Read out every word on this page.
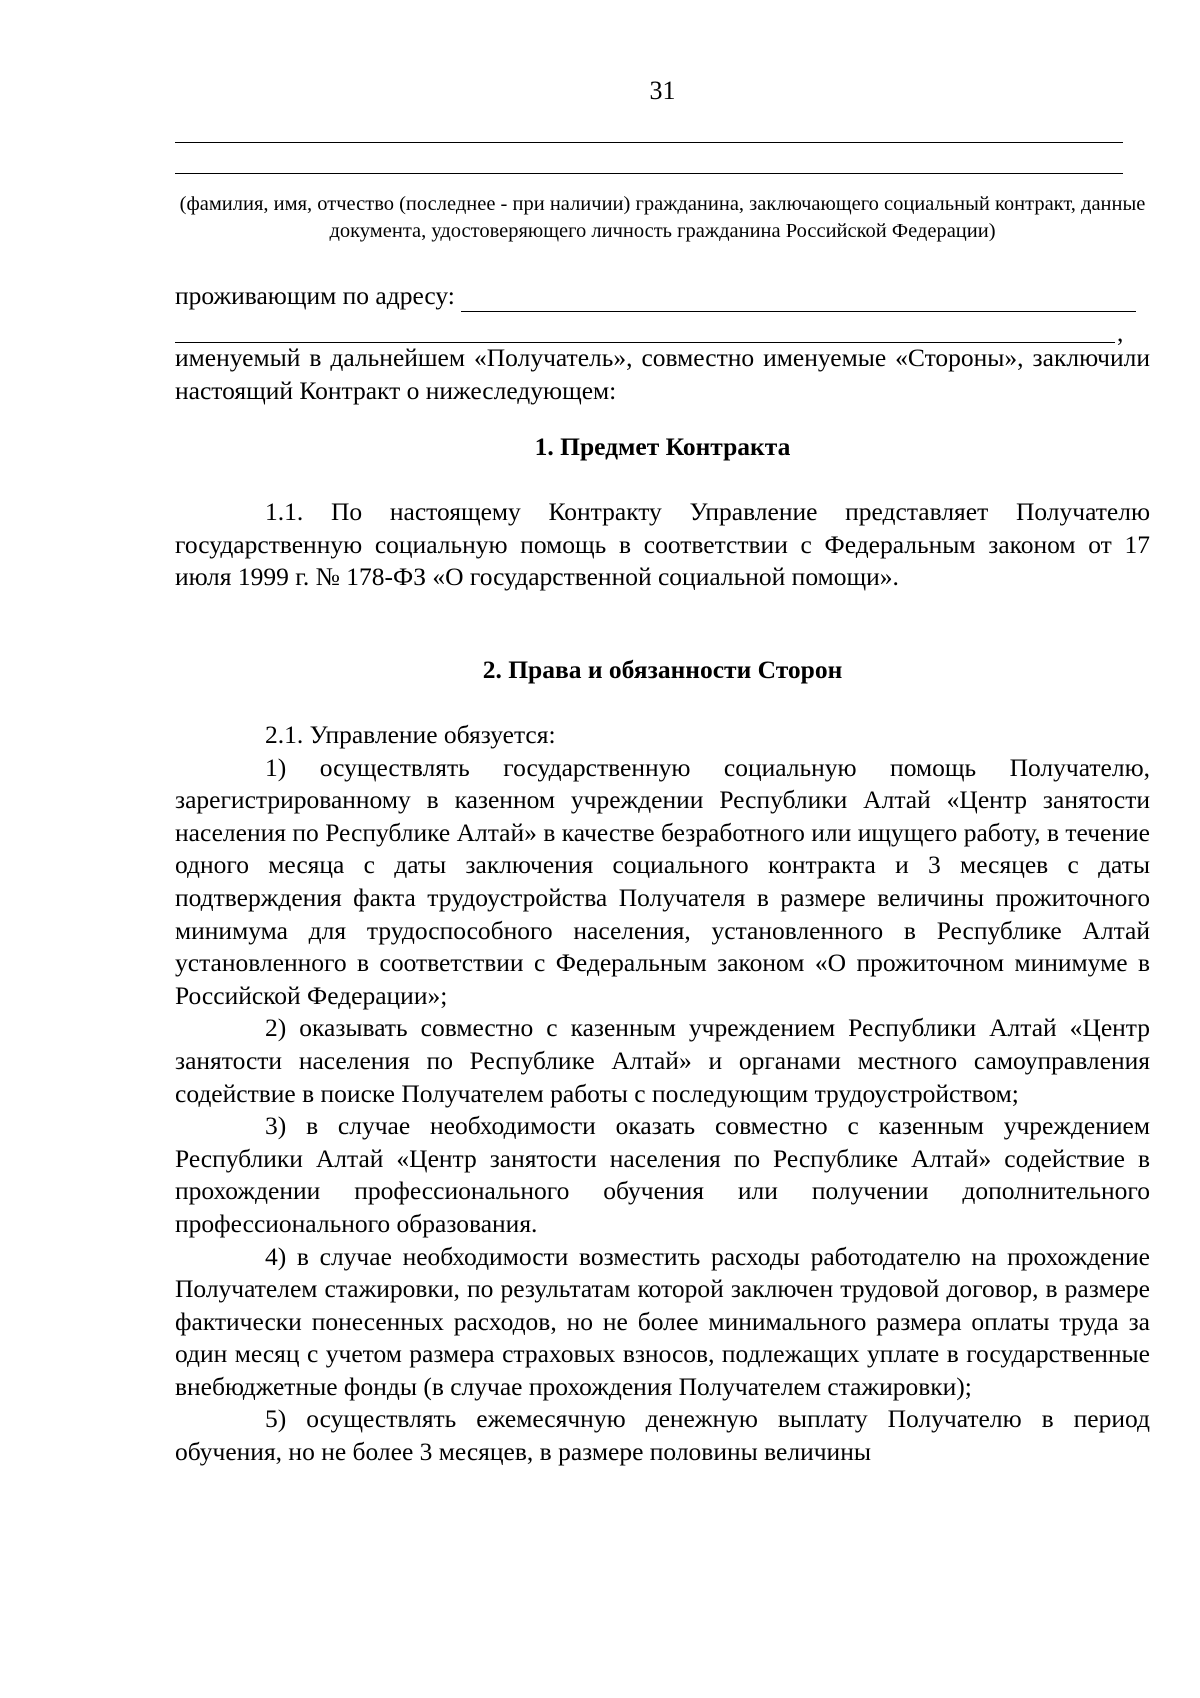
31
(фамилия, имя, отчество (последнее - при наличии) гражданина, заключающего социальный контракт, данные документа, удостоверяющего личность гражданина Российской Федерации)
проживающим по адресу:
,

именуемый в дальнейшем «Получатель», совместно именуемые «Стороны», заключили настоящий Контракт о нижеследующем:

1. Предмет Контракта

1.1. По настоящему Контракту Управление представляет Получателю государственную социальную помощь в соответствии с Федеральным законом от 17 июля 1999 г. № 178-ФЗ «О государственной социальной помощи».

2. Права и обязанности Сторон

2.1. Управление обязуется:

1) осуществлять государственную социальную помощь Получателю, зарегистрированному в казенном учреждении Республики Алтай «Центр занятости населения по Республике Алтай» в качестве безработного или ищущего работу, в течение одного месяца с даты заключения социального контракта и 3 месяцев с даты подтверждения факта трудоустройства Получателя в размере величины прожиточного минимума для трудоспособного населения, установленного в Республике Алтай установленного в соответствии с Федеральным законом «О прожиточном минимуме в Российской Федерации»;

2) оказывать совместно с казенным учреждением Республики Алтай «Центр занятости населения по Республике Алтай» и органами местного самоуправления содействие в поиске Получателем работы с последующим трудоустройством;

3) в случае необходимости оказать совместно с казенным учреждением Республики Алтай «Центр занятости населения по Республике Алтай» содействие в прохождении профессионального обучения или получении дополнительного профессионального образования.

4) в случае необходимости возместить расходы работодателю на прохождение Получателем стажировки, по результатам которой заключен трудовой договор, в размере фактически понесенных расходов, но не более минимального размера оплаты труда за один месяц с учетом размера страховых взносов, подлежащих уплате в государственные внебюджетные фонды (в случае прохождения Получателем стажировки);

5) осуществлять ежемесячную денежную выплату Получателю в период обучения, но не более 3 месяцев, в размере половины величины
